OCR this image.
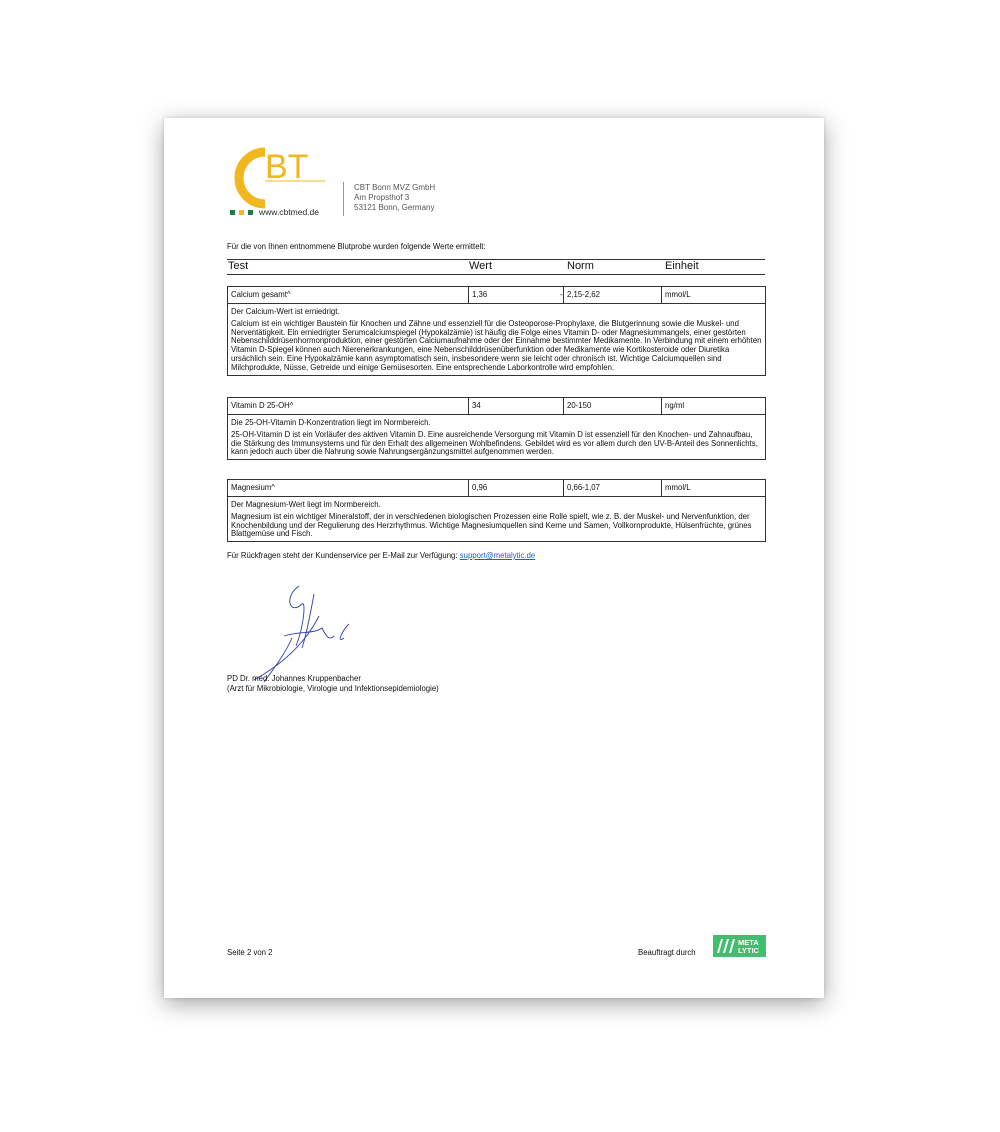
BT
www.cbtmed.de
CBT Bonn MVZ GmbH
Am Propsthof 3
53121 Bonn, Germany
Für die von Ihnen entnommene Blutprobe wurden folgende Werte ermittelt:
Test	Wert	Norm	Einheit
Calcium gesamt^	1,36	- 2,15-2,62	mmol/L
Der Calcium-Wert ist erniedrigt.
Calcium ist ein wichtiger Baustein für Knochen und Zähne und essenziell für die Osteoporose-Prophylaxe, die Blutgerinnung sowie die Muskel- und Nerventätigkeit. Ein erniedrigter Serumcalciumspiegel (Hypokalzämie) ist häufig die Folge eines Vitamin D- oder Magnesiummangels, einer gestörten Nebenschilddrüsenhormonproduktion, einer gestörten Calciumaufnahme oder der Einnahme bestimmter Medikamente. In Verbindung mit einem erhöhten Vitamin D-Spiegel können auch Nierenerkrankungen, eine Nebenschilddrüsenüberfunktion oder Medikamente wie Kortikosteroide oder Diuretika ursächlich sein. Eine Hypokalzämie kann asymptomatisch sein, insbesondere wenn sie leicht oder chronisch ist. Wichtige Calciumquellen sind Milchprodukte, Nüsse, Getreide und einige Gemüsesorten. Eine entsprechende Laborkontrolle wird empfohlen.
Vitamin D 25-OH^	34	20-150	ng/ml
Die 25-OH-Vitamin D-Konzentration liegt im Normbereich.
25-OH-Vitamin D ist ein Vorläufer des aktiven Vitamin D. Eine ausreichende Versorgung mit Vitamin D ist essenziell für den Knochen- und Zahnaufbau, die Stärkung des Immunsystems und für den Erhalt des allgemeinen Wohlbefindens. Gebildet wird es vor allem durch den UV-B-Anteil des Sonnenlichts, kann jedoch auch über die Nahrung sowie Nahrungsergänzungsmittel aufgenommen werden.
Magnesium^	0,96	0,66-1,07	mmol/L
Der Magnesium-Wert liegt im Normbereich.
Magnesium ist ein wichtiger Mineralstoff, der in verschiedenen biologischen Prozessen eine Rolle spielt, wie z. B. der Muskel- und Nervenfunktion, der Knochenbildung und der Regulierung des Herzrhythmus. Wichtige Magnesiumquellen sind Kerne und Samen, Vollkornprodukte, Hülsenfrüchte, grünes Blattgemüse und Fisch.
Für Rückfragen steht der Kundenservice per E-Mail zur Verfügung: support@metalytic.de
PD Dr. med. Johannes Kruppenbacher
(Arzt für Mikrobiologie, Virologie und Infektionsepidemiologie)
Seite 2 von 2	Beauftragt durch
META
LYTIC
